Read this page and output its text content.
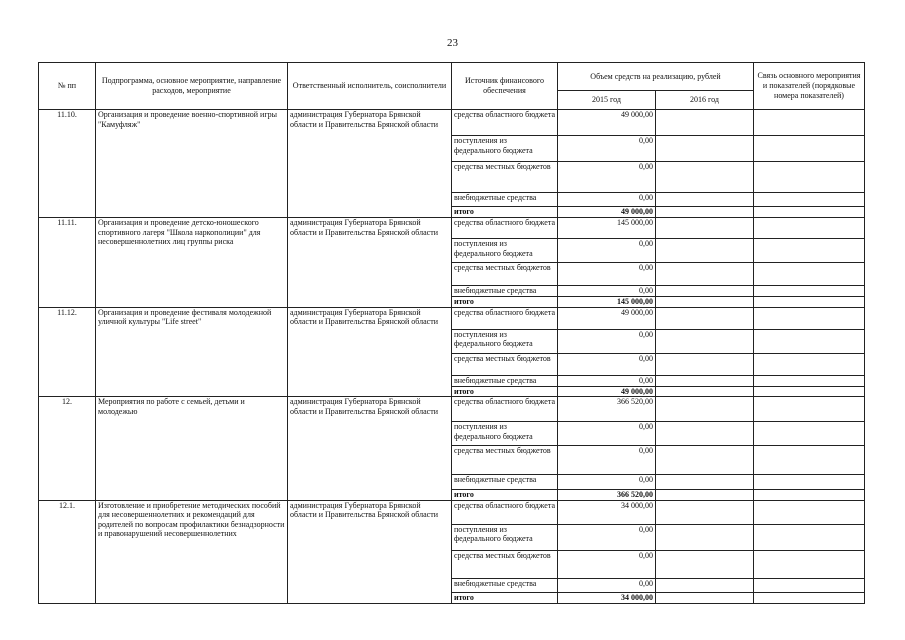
23
№ пп	Подпрограмма, основное мероприятие, направление расходов, мероприятие	Ответственный исполнитель, соисполнители	Источник финансового обеспечения	Объем средств на реализацию, рублей		Связь основного мероприятия и показателей (порядковые номера показателей)
				2015 год	2016 год	
11.10.	Организация и проведение военно-спортивной игры "Камуфляж"	администрация Губернатора Брянской области и Правительства Брянской области	средства областного бюджета	49 000,00		
			поступления из федерального бюджета	0,00		
			средства местных бюджетов	0,00		
			внебюджетные средства	0,00		
			итого	49 000,00		
11.11.	Организация и проведение детско-юношеского спортивного лагеря "Школа наркополиции" для несовершеннолетних лиц группы риска	администрация Губернатора Брянской области и Правительства Брянской области	средства областного бюджета	145 000,00		
			поступления из федерального бюджета	0,00		
			средства местных бюджетов	0,00		
			внебюджетные средства	0,00		
			итого	145 000,00		
11.12.	Организация и проведение фестиваля молодежной уличной культуры "Life street"	администрация Губернатора Брянской области и Правительства Брянской области	средства областного бюджета	49 000,00		
			поступления из федерального бюджета	0,00		
			средства местных бюджетов	0,00		
			внебюджетные средства	0,00		
			итого	49 000,00		
12.	Мероприятия по работе с семьей, детьми и молодежью	администрация Губернатора Брянской области и Правительства Брянской области	средства областного бюджета	366 520,00		
			поступления из федерального бюджета	0,00		
			средства местных бюджетов	0,00		
			внебюджетные средства	0,00		
			итого	366 520,00		
12.1.	Изготовление и приобретение методических пособий для несовершеннолетних и рекомендаций для родителей по вопросам профилактики безнадзорности и правонарушений несовершеннолетних	администрация Губернатора Брянской области и Правительства Брянской области	средства областного бюджета	34 000,00		
			поступления из федерального бюджета	0,00		
			средства местных бюджетов	0,00		
			внебюджетные средства	0,00		
			итого	34 000,00		
